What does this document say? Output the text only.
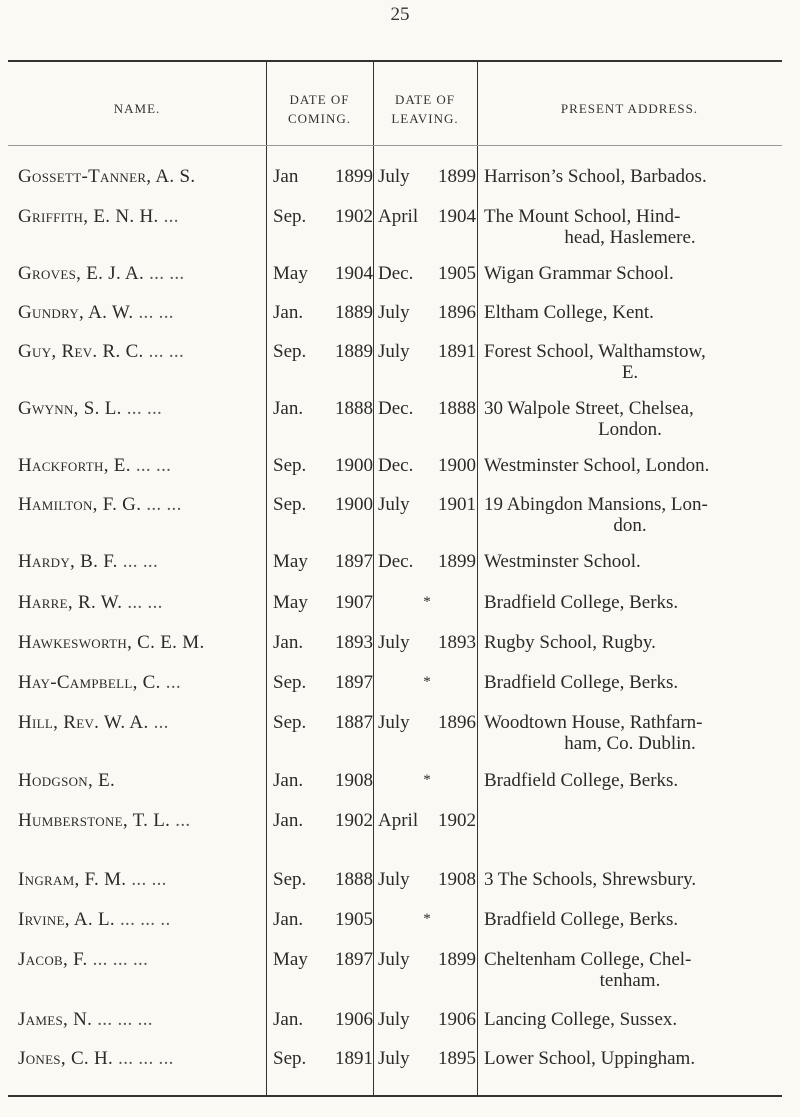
25
NAME.
DATE OF
COMING.
DATE OF
LEAVING.
PRESENT ADDRESS.
Gossett-Tanner, A. S.	Jan	1899 July	1899 Harrison’s School, Barbados.
Griffith, E. N. H. ...	Sep.	1902 April	1904 The Mount School, Hind-
head, Haslemere.
Groves, E. J. A. ... ...	May	1904 Dec.	1905 Wigan Grammar School.
Gundry, A. W. ... ...	Jan.	1889 July	1896 Eltham College, Kent.
Guy, Rev. R. C. ... ...	Sep.	1889 July	1891 Forest School, Walthamstow,
E.
Gwynn, S. L. ... ...	Jan.	1888 Dec.	1888 30 Walpole Street, Chelsea,
London.
Hackforth, E. ... ...	Sep.	1900 Dec.	1900 Westminster School, London.
Hamilton, F. G. ... ...	Sep.	1900 July	1901 19 Abingdon Mansions, Lon-
don.
Hardy, B. F. ... ...	May	1897 Dec.	1899 Westminster School.
Harre, R. W. ... ...	May	1907	*	Bradfield College, Berks.
Hawkesworth, C. E. M.	Jan.	1893 July	1893 Rugby School, Rugby.
Hay-Campbell, C. ...	Sep.	1897	*	Bradfield College, Berks.
Hill, Rev. W. A. ...	Sep.	1887 July	1896 Woodtown House, Rathfarn-
ham, Co. Dublin.
Hodgson, E.	Jan.	1908	*	Bradfield College, Berks.
Humberstone, T. L. ...	Jan.	1902 April	1902
Ingram, F. M. ... ...	Sep.	1888 July	1908 3 The Schools, Shrewsbury.
Irvine, A. L. ... ... ..	Jan.	1905	*	Bradfield College, Berks.
Jacob, F. ... ... ...	May	1897 July	1899 Cheltenham College, Chel-
tenham.
James, N. ... ... ...	Jan.	1906 July	1906 Lancing College, Sussex.
Jones, C. H. ... ... ...	Sep.	1891 July	1895 Lower School, Uppingham.
